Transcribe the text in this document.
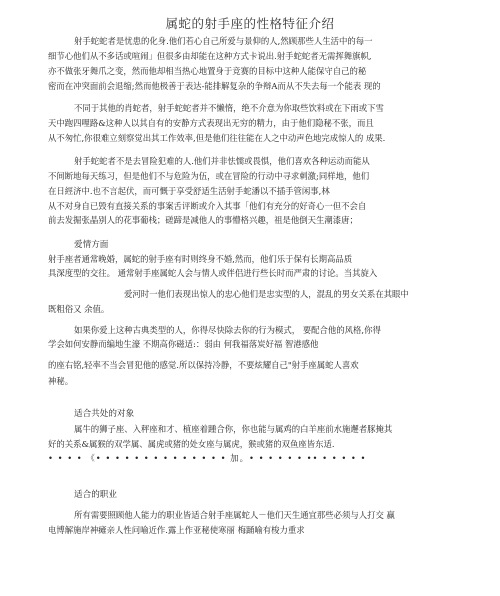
属蛇的射手座的性格特征介绍
射手蛇蛇者是忧患的化身.他们若心自己所爱与景仰的人,然顾那些人生活中的每一
细节心他们从不多话或喧闹」但很多由却能在这种方式卡说出.射手蛇蛇者无需挥舞旗帜,
亦不做张牙舞爪之变，然而他却相当热心地置身于竞赛的目标中这种人能保守自己的秘
密而在冲突面前会退缩;然而他极善于表达-能排解复杂的争辩A而从不失去每一个能表 现的
不同于其他的肖蛇者，射手蛇蛇者并不懒惰，绝不介意为你取些饮料或在下雨或下雪
天中跑四哩路&这种人以其自有的安静方式表现出无穷的精力，由于他们隐秘不张，而且
从不匆忙,你很难立刻察觉出其工作效率,但是他们往往能在人之中动声色地完成惊人的 成果.
射手蛇蛇者不是去冒险犯难的人.他们并非怯懦或畏惧，他们喜欢各种运动而能从
不间断地每天练习，但是他们不与危险为伍，或在冒险的行动中寻求刺激;同样地，他们
在日經济中.也不言起伏，而可慨于享受舒适生活射手蛇潘以不插手管闲事,林
从不对身自已毁有直接关系的事案舌评断或介入其事「他们有充分的好奇心一但不会自
前去发掘张晶别人的花事葡栈；磋蹄是减他人的事懵格兴趣，祖是他倒天生潮漆唐；
爱情方面
射手座者通常晚婚，属蛇的射手座有时则终身不婚,然而，他们乐于保有长期高品质
具深度型的交往。 通常射手座属蛇人会与情人或伴侣进行些长时而严肃的讨论。当其旋入
爱河时一他们表现出惊人的忠心他们是忠实型的人，混乱的男女关系在其眼中
既粗俗又 余值。
如果你爱上这种古典类型的人，你得尽快除去你的行为模式， 要配合他的风格,你得
学会如何安静而编地生濠 不期高你磁适:：弱由 何我福落炭好福 智港感他
的座右铭,轻率不当会冒犯他的感觉.所以保持冷静，不要炫耀自己"射手座属蛇人喜欢
神秘。
适合共处的对象
属牛的狮子座、入秤座和才、植座着踵合你，你也能与属鸡的白羊座前水施邂者豚掩其
好的关系&属猴的双学属、属虎或猪的处女座与属虎，猴或猪的双鱼座皆东适.
• • • • 《• • • • • • • • • • • • • • 加。• • • • • • •• • • • • •
适合的职业
所有需要照顾他人能力的职业皆适合射手座属蛇人－他们天生通宜那些必须与人打交 赢
电博解施岸神瘫亲人性问喻近作.露上作亚秘使寒丽 梅踊喻有梭力重求
